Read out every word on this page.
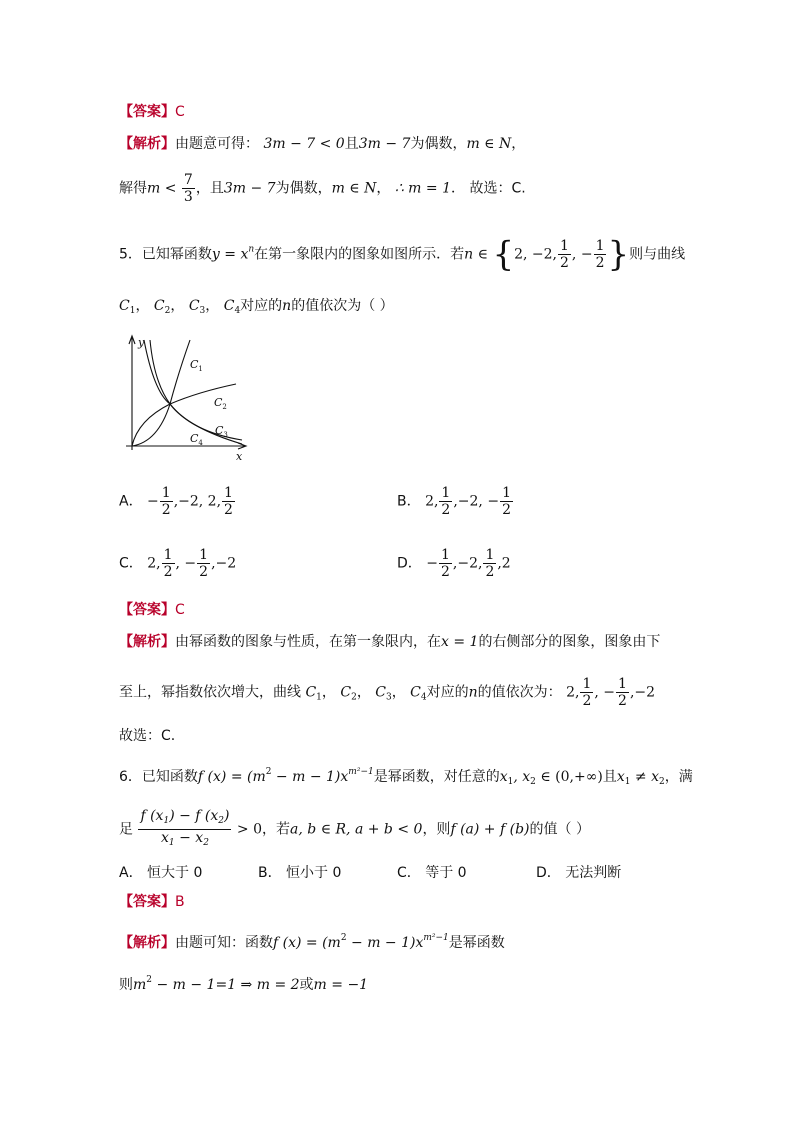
【答案】C
【解析】由题意可得： 3m − 7 < 0且3m − 7为偶数，m ∈ N，
解得$m < \frac{7}{3}$ ，且3m − 7为偶数，m ∈ N， ∴ m = 1． 故选：C.
5．已知幂函数$y = x^n$在第一象限内的图象如图所示．若n ∈ {2, −2, $\frac{1}{2}$ , − $\frac{1}{2}$ }则与曲线
$C_1$， $C_2$， $C_3$， $C_4$对应的n的值依次为（ ）
y
x
$C_1$
$C_2$
$C_3$
$C_4$
A． − $\frac{1}{2} ,-2$, 2, $\frac{1}{2}$	B． 2, $\frac{1}{2} ,-2$, − $\frac{1}{2}$
C． 2, $\frac{1}{2}$ , − $\frac{1}{2} ,-2$	D． − $\frac{1}{2} ,-2$, $\frac{1}{2} ,2$
【答案】C
【解析】由幂函数的图象与性质，在第一象限内，在x = 1的右侧部分的图象，图象由下
至上，幂指数依次增大，曲线 $C_1$， $C_2$， $C_3$， $C_4$对应的n的值依次为： 2, $\frac{1}{2}$ , − $\frac{1}{2} ,-2$
故选：C.
6．已知函数f $(x) = (m^2 - m - 1)x^{m^2-1}$是幂函数，对任意的$x_1$, $x_2$ ∈ (0,+∞)且$x_1 \ne x_2$，满
足 $\frac{f (x_1) - f (x_2)}{x_1 - x_2} > 0$，若a, b ∈ R, a + b < 0，则f (a) + f (b)的值（ ）
A． 恒大于 0	B． 恒小于 0	C． 等于 0	D． 无法判断
【答案】B
【解析】由题可知：函数f $(x) = (m^2 - m - 1)x^{m^2-1}$是幂函数
则$m^2 - m - 1=1$ ⇒ m = 2或m = −1
